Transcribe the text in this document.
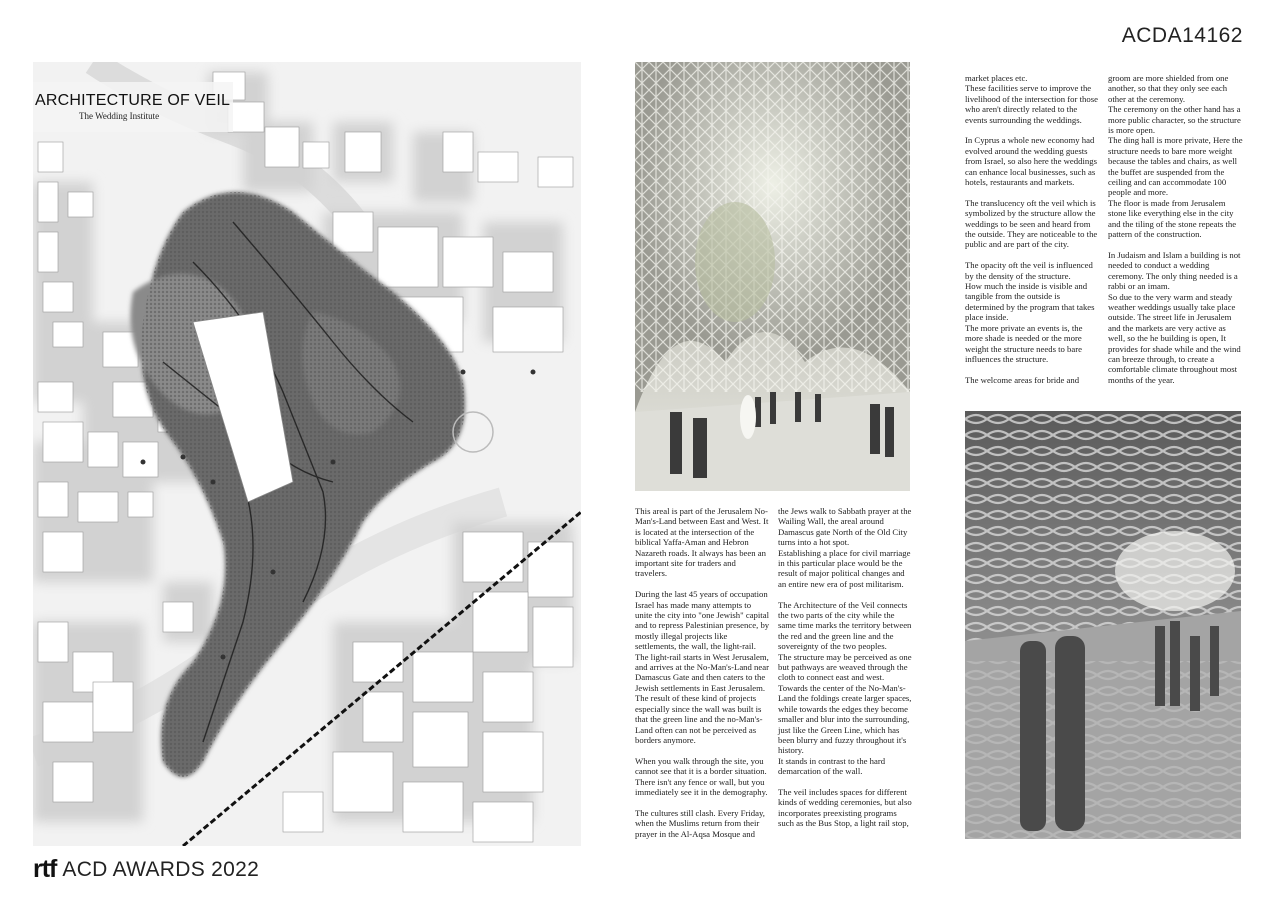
ACDA14162
ARCHITECTURE OF VEIL
The Wedding Institute

This areal is part of the Jerusalem No-Man's-Land between East and West. It is located at the intersection of the biblical Yaffa-Aman and Hebron Nazareth roads. It always has been an important site for traders and travelers.

During the last 45 years of occupation Israel has made many attempts to unite the city into "one Jewish" capital and to repress Palestinian presence, by mostly illegal projects like settlements, the wall, the light-rail.
The light-rail starts in West Jerusalem, and arrives at the No-Man's-Land near Damascus Gate and then caters to the Jewish settlements in East Jerusalem.
The result of these kind of projects especially since the wall was built is that the green line and the no-Man's-Land often can not be perceived as borders anymore.

When you walk through the site, you cannot see that it is a border situation. There isn't any fence or wall, but you immediately see it in the demography.

The cultures still clash. Every Friday, when the Muslims return from their prayer in the Al-Aqsa Mosque and

the Jews walk to Sabbath prayer at the Wailing Wall, the areal around Damascus gate North of the Old City turns into a hot spot.
Establishing a place for civil marriage in this particular place would be the result of major political changes and an entire new era of post militarism.

The Architecture of the Veil connects the two parts of the city while the same time marks the territory between the red and the green line and the sovereignty of the two peoples.
The structure may be perceived as one but pathways are weaved through the cloth to connect east and west.
Towards the center of the No-Man's-Land the foldings create larger spaces, while towards the edges they become smaller and blur into the surrounding, just like the Green Line, which has been blurry and fuzzy throughout it's history.
It stands in contrast to the hard demarcation of the wall.

The veil includes spaces for different kinds of wedding ceremonies, but also incorporates preexisting programs such as the Bus Stop, a light rail stop,

market places etc.
These facilities serve to improve the livelihood of the intersection for those who aren't directly related to the events surrounding the weddings.

In Cyprus a whole new economy had evolved around the wedding guests from Israel, so also here the weddings can enhance local businesses, such as hotels, restaurants and markets.

The translucency oft the veil which is symbolized by the structure allow the weddings to be seen and heard from the outside. They are noticeable to the public and are part of the city.

The opacity oft the veil is influenced by the density of the structure.
How much the inside is visible and tangible from the outside is determined by the program that takes place inside.
The more private an events is, the more shade is needed or the more weight the structure needs to bare influences the structure.

The welcome areas for bride and

groom are more shielded from one another, so that they only see each other at the ceremony.
The ceremony on the other hand has a more public character, so the structure is more open.
The ding hall is more private, Here the structure needs to bare more weight because the tables and chairs, as well the buffet are suspended from the ceiling and can accommodate 100 people and more.
The floor is made from Jerusalem stone like everything else in the city and the tiling of the stone repeats the pattern of the construction.

In Judaism and Islam a building is not needed to conduct a wedding ceremony. The only thing needed is a rabbi or an imam.
So due to the very warm and steady weather weddings usually take place outside. The street life in Jerusalem and the markets are very active as well, so the he building is open, It provides for shade while and the wind can breeze through, to create a comfortable climate throughout most months of the year.

rtf ACD AWARDS 2022
